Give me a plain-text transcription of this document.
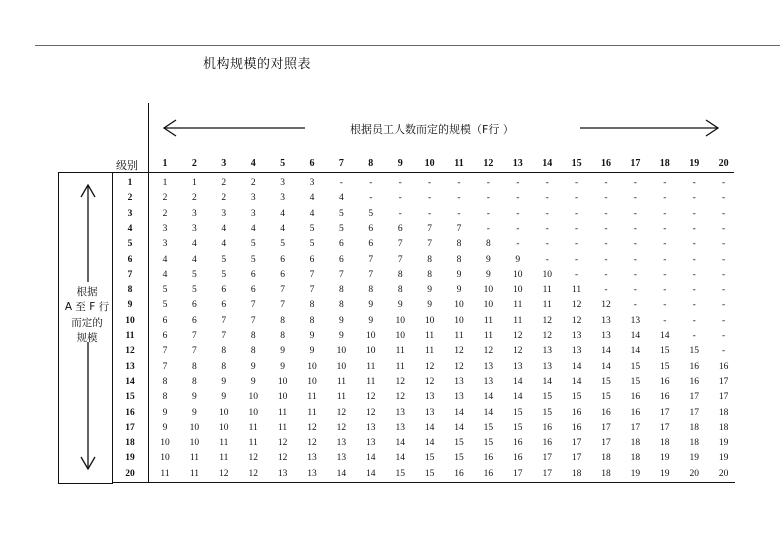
机构规模的对照表
根据员工人数而定的规模（F行 ）
级别
根据
A 至 F 行
而定的
规模
1	2	3	4	5	6	7	8	9	10	11	12	13	14	15	16	17	18	19	20
1	1	1	2	2	3	3	-	-	-	-	-	-	-	-	-	-	-	-	-	-
2	2	2	2	3	3	4	4	-	-	-	-	-	-	-	-	-	-	-	-	-
3	2	3	3	3	4	4	5	5	-	-	-	-	-	-	-	-	-	-	-	-
4	3	3	4	4	4	5	5	6	6	7	7	-	-	-	-	-	-	-	-	-
5	3	4	4	5	5	5	6	6	7	7	8	8	-	-	-	-	-	-	-	-
6	4	4	5	5	6	6	6	7	7	8	8	9	9	-	-	-	-	-	-	-
7	4	5	5	6	6	7	7	7	8	8	9	9	10	10	-	-	-	-	-	-
8	5	5	6	6	7	7	8	8	8	9	9	10	10	11	11	-	-	-	-	-
9	5	6	6	7	7	8	8	9	9	9	10	10	11	11	12	12	-	-	-	-
10	6	6	7	7	8	8	9	9	10	10	10	11	11	12	12	13	13	-	-	-
11	6	7	7	8	8	9	9	10	10	11	11	11	12	12	13	13	14	14	-	-
12	7	7	8	8	9	9	10	10	11	11	12	12	12	13	13	14	14	15	15	-
13	7	8	8	9	9	10	10	11	11	12	12	13	13	13	14	14	15	15	16	16
14	8	8	9	9	10	10	11	11	12	12	13	13	14	14	14	15	15	16	16	17
15	8	9	9	10	10	11	11	12	12	13	13	14	14	15	15	15	16	16	17	17
16	9	9	10	10	11	11	12	12	13	13	14	14	15	15	16	16	16	17	17	18
17	9	10	10	11	11	12	12	13	13	14	14	15	15	16	16	17	17	17	18	18
18	10	10	11	11	12	12	13	13	14	14	15	15	16	16	17	17	18	18	18	19
19	10	11	11	12	12	13	13	14	14	15	15	16	16	17	17	18	18	19	19	19
20	11	11	12	12	13	13	14	14	15	15	16	16	17	17	18	18	19	19	20	20
